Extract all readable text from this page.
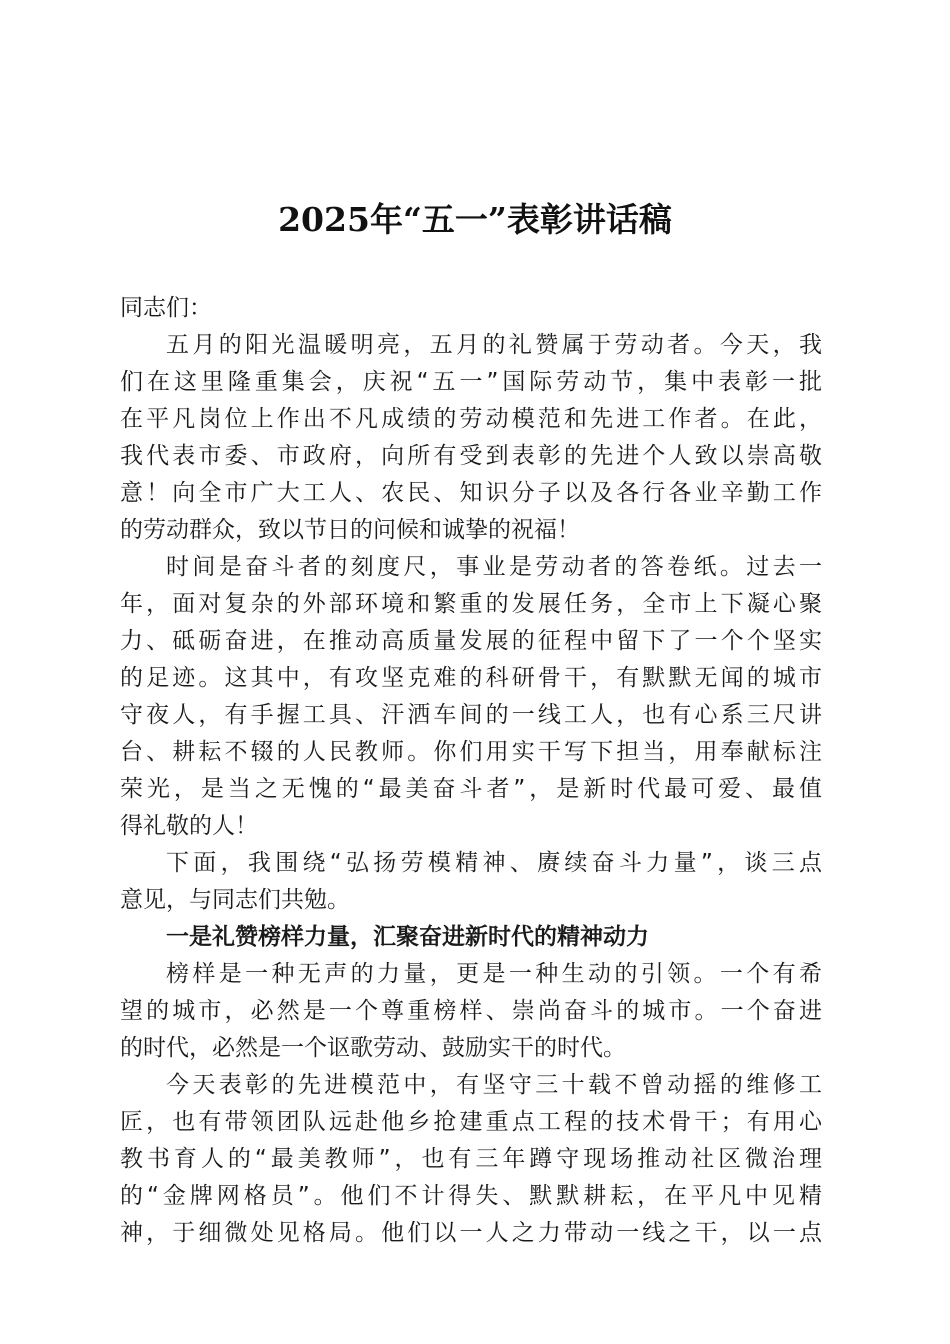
2025年“五一”表彰讲话稿
同志们：
五月的阳光温暖明亮，五月的礼赞属于劳动者。今天，我
们在这里隆重集会，庆祝“五一”国际劳动节，集中表彰一批
在平凡岗位上作出不凡成绩的劳动模范和先进工作者。在此，
我代表市委、市政府，向所有受到表彰的先进个人致以崇高敬
意！向全市广大工人、农民、知识分子以及各行各业辛勤工作
的劳动群众，致以节日的问候和诚挚的祝福！
时间是奋斗者的刻度尺，事业是劳动者的答卷纸。过去一
年，面对复杂的外部环境和繁重的发展任务，全市上下凝心聚
力、砥砺奋进，在推动高质量发展的征程中留下了一个个坚实
的足迹。这其中，有攻坚克难的科研骨干，有默默无闻的城市
守夜人，有手握工具、汗洒车间的一线工人，也有心系三尺讲
台、耕耘不辍的人民教师。你们用实干写下担当，用奉献标注
荣光，是当之无愧的“最美奋斗者”，是新时代最可爱、最值
得礼敬的人！
下面，我围绕“弘扬劳模精神、赓续奋斗力量”，谈三点
意见，与同志们共勉。
一是礼赞榜样力量，汇聚奋进新时代的精神动力
榜样是一种无声的力量，更是一种生动的引领。一个有希
望的城市，必然是一个尊重榜样、崇尚奋斗的城市。一个奋进
的时代，必然是一个讴歌劳动、鼓励实干的时代。
今天表彰的先进模范中，有坚守三十载不曾动摇的维修工
匠，也有带领团队远赴他乡抢建重点工程的技术骨干；有用心
教书育人的“最美教师”，也有三年蹲守现场推动社区微治理
的“金牌网格员”。他们不计得失、默默耕耘，在平凡中见精
神，于细微处见格局。他们以一人之力带动一线之干，以一点
